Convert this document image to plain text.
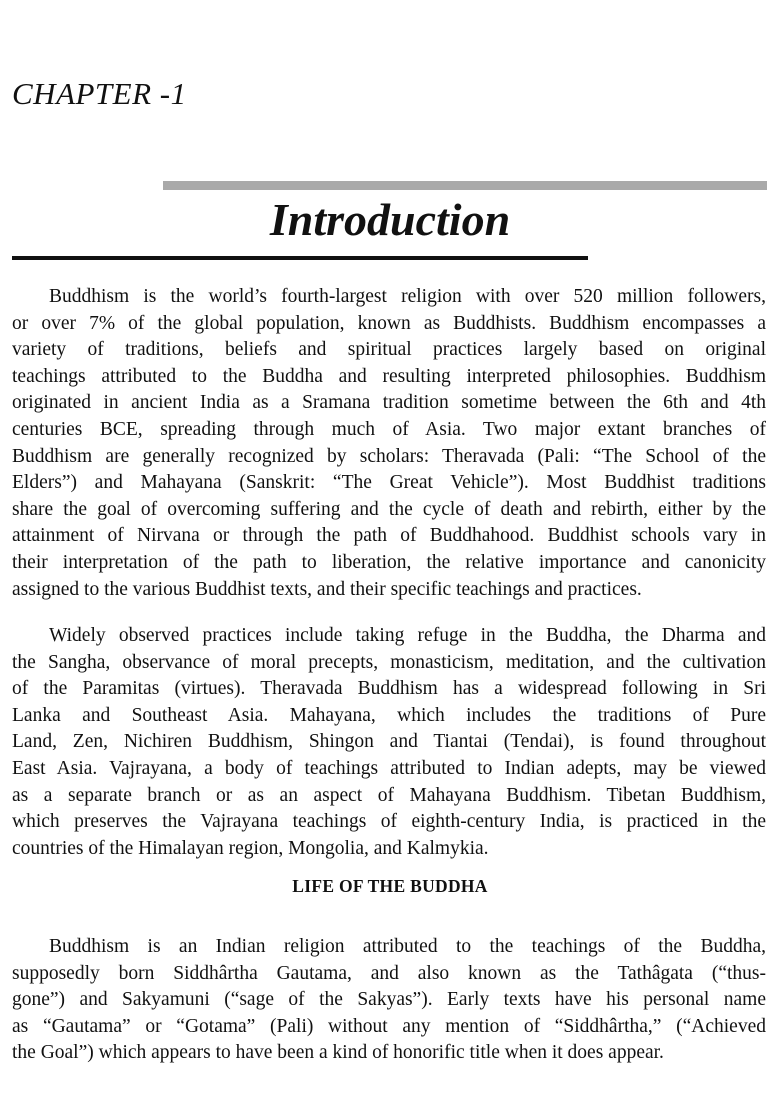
CHAPTER -1
Introduction
Buddhism is the world’s fourth-largest religion with over 520 million followers,
or over 7% of the global population, known as Buddhists. Buddhism encompasses a
variety of traditions, beliefs and spiritual practices largely based on original
teachings attributed to the Buddha and resulting interpreted philosophies. Buddhism
originated in ancient India as a Sramana tradition sometime between the 6th and 4th
centuries BCE, spreading through much of Asia. Two major extant branches of
Buddhism are generally recognized by scholars: Theravada (Pali: “The School of the
Elders”) and Mahayana (Sanskrit: “The Great Vehicle”). Most Buddhist traditions
share the goal of overcoming suffering and the cycle of death and rebirth, either by the
attainment of Nirvana or through the path of Buddhahood. Buddhist schools vary in
their interpretation of the path to liberation, the relative importance and canonicity
assigned to the various Buddhist texts, and their specific teachings and practices.
Widely observed practices include taking refuge in the Buddha, the Dharma and
the Sangha, observance of moral precepts, monasticism, meditation, and the cultivation
of the Paramitas (virtues). Theravada Buddhism has a widespread following in Sri
Lanka and Southeast Asia. Mahayana, which includes the traditions of Pure
Land, Zen, Nichiren Buddhism, Shingon and Tiantai (Tendai), is found throughout
East Asia. Vajrayana, a body of teachings attributed to Indian adepts, may be viewed
as a separate branch or as an aspect of Mahayana Buddhism. Tibetan Buddhism,
which preserves the Vajrayana teachings of eighth-century India, is practiced in the
countries of the Himalayan region, Mongolia, and Kalmykia.
LIFE OF THE BUDDHA
Buddhism is an Indian religion attributed to the teachings of the Buddha,
supposedly born Siddhârtha Gautama, and also known as the Tathâgata (“thus-
gone”) and Sakyamuni (“sage of the Sakyas”). Early texts have his personal name
as “Gautama” or “Gotama” (Pali) without any mention of “Siddhârtha,” (“Achieved
the Goal”) which appears to have been a kind of honorific title when it does appear.
